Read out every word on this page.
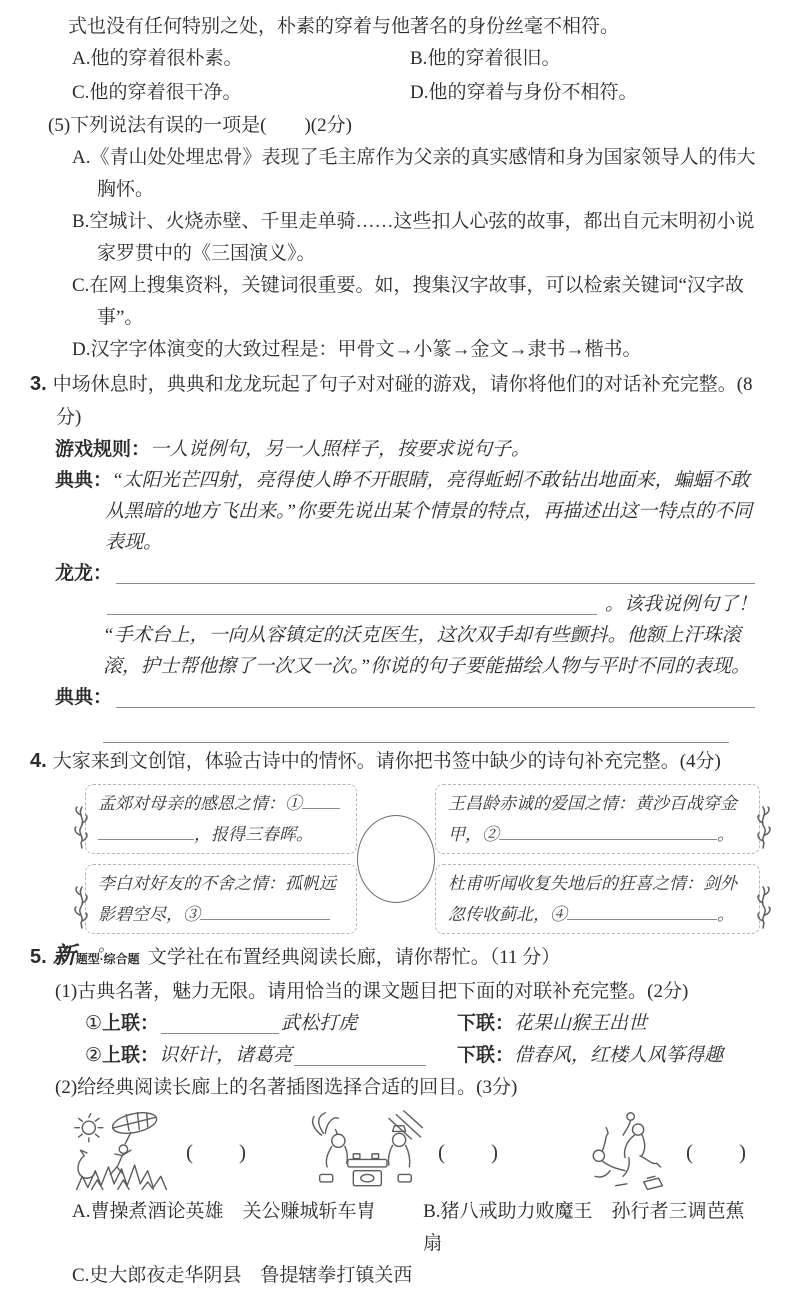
式也没有任何特别之处，朴素的穿着与他著名的身份丝毫不相符。
A.他的穿着很朴素。	B.他的穿着很旧。
C.他的穿着很干净。	D.他的穿着与身份不相符。
(5)下列说法有误的一项是(　　)(2分)
A.《青山处处埋忠骨》表现了毛主席作为父亲的真实感情和身为国家领导人的伟大胸怀。
B.空城计、火烧赤壁、千里走单骑……这些扣人心弦的故事，都出自元末明初小说家罗贯中的《三国演义》。
C.在网上搜集资料，关键词很重要。如，搜集汉字故事，可以检索关键词“汉字故事”。
D.汉字字体演变的大致过程是：甲骨文→小篆→金文→隶书→楷书。
3. 中场休息时，典典和龙龙玩起了句子对对碰的游戏，请你将他们的对话补充完整。(8分)
游戏规则：一人说例句，另一人照样子，按要求说句子。
典典：“太阳光芒四射，亮得使人睁不开眼睛，亮得蚯蚓不敢钻出地面来，蝙蝠不敢从黑暗的地方飞出来。”你要先说出某个情景的特点，再描述出这一特点的不同表现。
龙龙：
。该我说例句了！
“手术台上，一向从容镇定的沃克医生，这次双手却有些颤抖。他额上汗珠滚滚，护士帮他擦了一次又一次。”你说的句子要能描绘人物与平时不同的表现。
典典：
4. 大家来到文创馆，体验古诗中的情怀。请你把书签中缺少的诗句补充完整。(4分)
孟郊对母亲的感恩之情：①，报得三春晖。
王昌龄赤诚的爱国之情：黄沙百战穿金甲，②	。
李白对好友的不舍之情：孤帆远影碧空尽，③。
杜甫听闻收复失地后的狂喜之情：剑外忽传收蓟北，④	。
5. 新题型·综合题 文学社在布置经典阅读长廊，请你帮忙。（11 分）
(1)古典名著，魅力无限。请用恰当的课文题目把下面的对联补充完整。(2分)
① 上联：	武松打虎	下联：花果山猴王出世
② 上联： 识奸计，诸葛亮	下联：借春风，红楼人风筝得趣
(2)给经典阅读长廊上的名著插图选择合适的回目。(3分)
( )	( )	( )
A.曹操煮酒论英雄　关公赚城斩车胄	B.猪八戒助力败魔王　孙行者三调芭蕉扇
C.史大郎夜走华阴县　鲁提辖拳打镇关西
